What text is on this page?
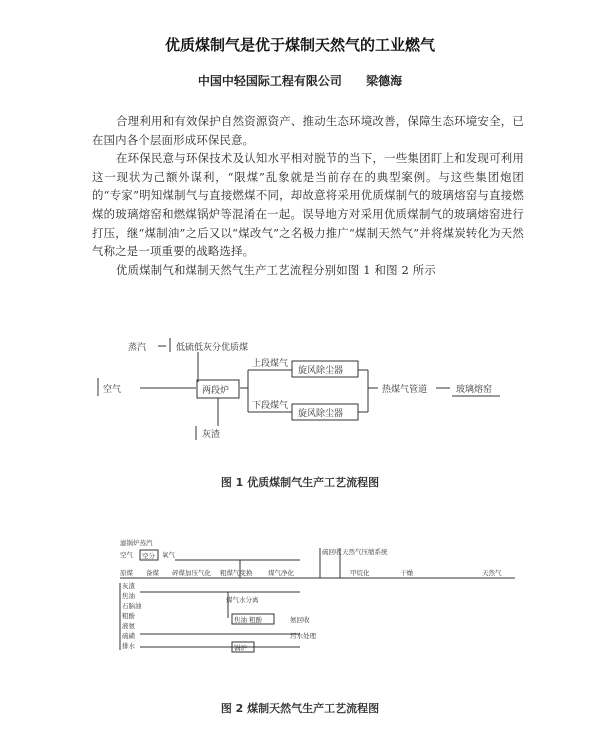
优质煤制气是优于煤制天然气的工业燃气
中国中轻国际工程有限公司 梁德海

合理利用和有效保护自然资源资产、推动生态环境改善，保障生态环境安全，已在国内各个层面形成环保民意。

在环保民意与环保技术及认知水平相对脱节的当下，一些集团盯上和发现可利用这一现状为己额外谋利，“限煤”乱象就是当前存在的典型案例。与这些集团炮团的“专家”明知煤制气与直接燃煤不同，却故意将采用优质煤制气的玻璃熔窑与直接燃煤的玻璃熔窑和燃煤锅炉等混淆在一起。误导地方对采用优质煤制气的玻璃熔窑进行打压，继“煤制油”之后又以“煤改气”之名极力推广“煤制天然气”并将煤炭转化为天然气称之是一项重要的战略选择。

优质煤制气和煤制天然气生产工艺流程分别如图 1 和图 2 所示

蒸汽	低硫低灰分优质煤
空气	两段炉
上段煤气
旋风除尘器
下段煤气
旋风除尘器
热煤气管道	玻璃熔窑
灰渣
图 1 优质煤制气生产工艺流程图
滤锅炉蒸汽
空气 空分 氧气
原煤 备煤 碎煤加压气化 粗煤气变换 煤气净化	甲烷化	干燥	天然气
硫回收 天然气压缩系统
灰渣
焦油
石脑油
粗酚
液氨
硫磺
排水
煤气水分离
焦油 粗酚	氨回收
污水处理
锅炉
图 2 煤制天然气生产工艺流程图
